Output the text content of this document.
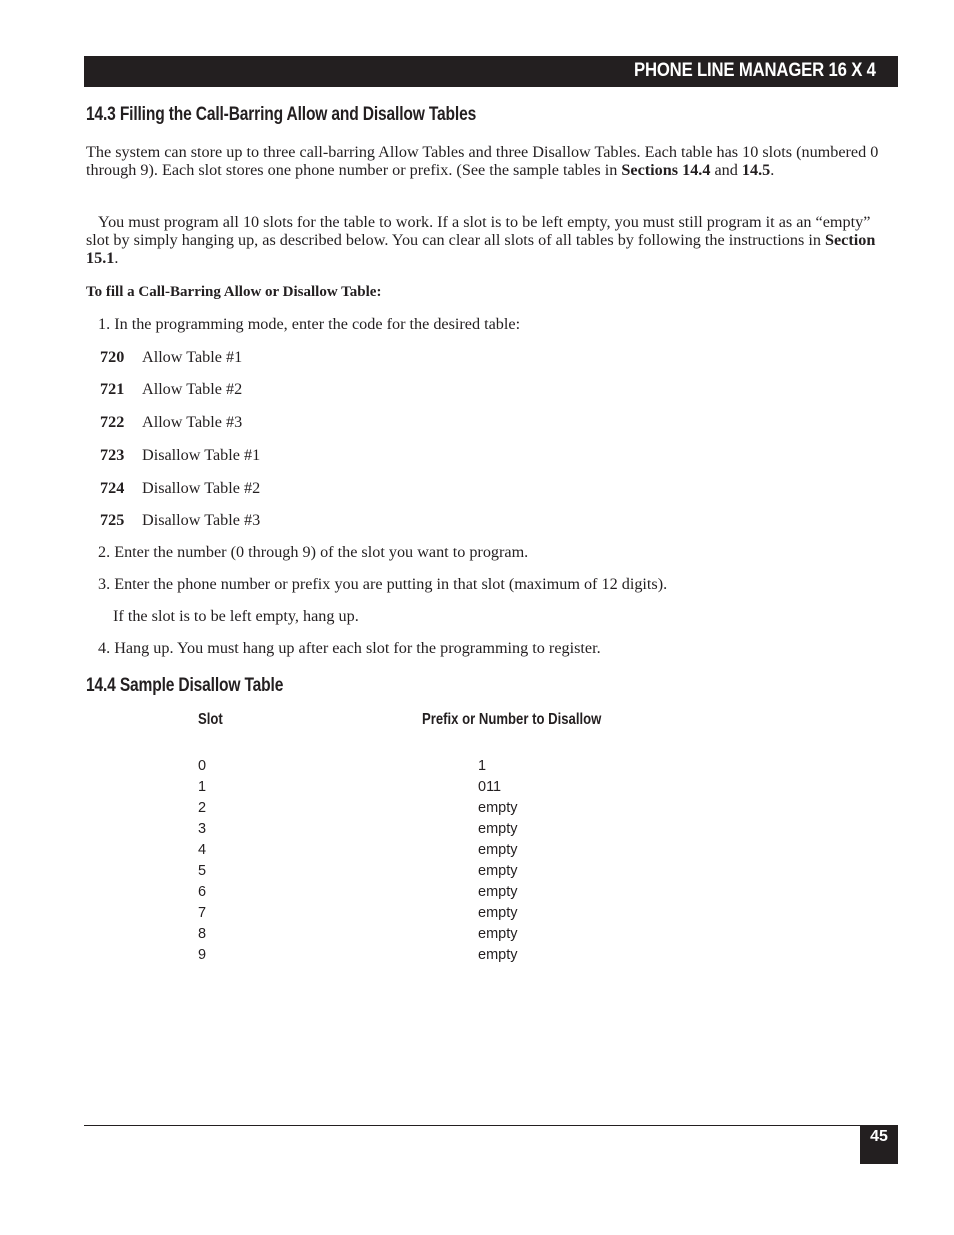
PHONE LINE MANAGER 16 X 4
14.3 Filling the Call-Barring Allow and Disallow Tables

The system can store up to three call-barring Allow Tables and three Disallow Tables. Each table has 10 slots (numbered 0 through 9). Each slot stores one phone number or prefix. (See the sample tables in Sections 14.4 and 14.5.

You must program all 10 slots for the table to work. If a slot is to be left empty, you must still program it as an “empty” slot by simply hanging up, as described below. You can clear all slots of all tables by following the instructions in Section 15.1.

To fill a Call-Barring Allow or Disallow Table:
1. In the programming mode, enter the code for the desired table:
720 Allow Table #1
721 Allow Table #2
722 Allow Table #3
723 Disallow Table #1
724 Disallow Table #2
725 Disallow Table #3
2. Enter the number (0 through 9) of the slot you want to program.
3. Enter the phone number or prefix you are putting in that slot (maximum of 12 digits).
If the slot is to be left empty, hang up.
4. Hang up. You must hang up after each slot for the programming to register.
14.4 Sample Disallow Table
Slot	Prefix or Number to Disallow
0	1
1	011
2	empty
3	empty
4	empty
5	empty
6	empty
7	empty
8	empty
9	empty
45
